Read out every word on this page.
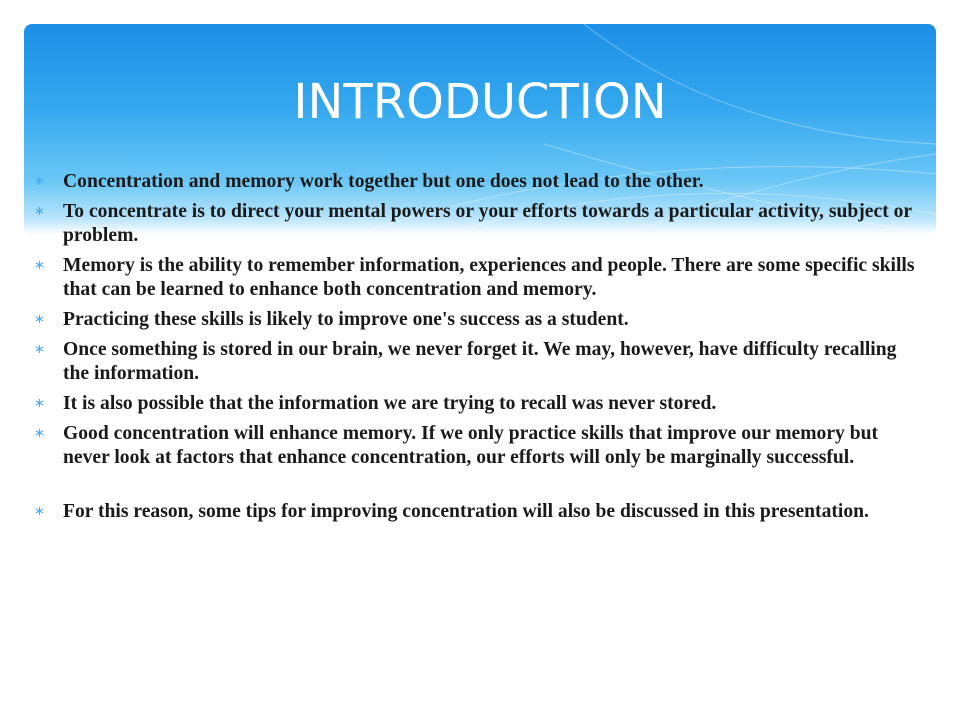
INTRODUCTION
∗ Concentration and memory work together but one does not lead to the other.
∗ To concentrate is to direct your mental powers or your efforts towards a particular activity, subject or problem.
∗ Memory is the ability to remember information, experiences and people. There are some specific skills that can be learned to enhance both concentration and memory.
∗ Practicing these skills is likely to improve one's success as a student.
∗ Once something is stored in our brain, we never forget it. We may, however, have difficulty recalling the information.
∗ It is also possible that the information we are trying to recall was never stored.
∗ Good concentration will enhance memory. If we only practice skills that improve our memory but never look at factors that enhance concentration, our efforts will only be marginally successful.
∗ For this reason, some tips for improving concentration will also be discussed in this presentation.
